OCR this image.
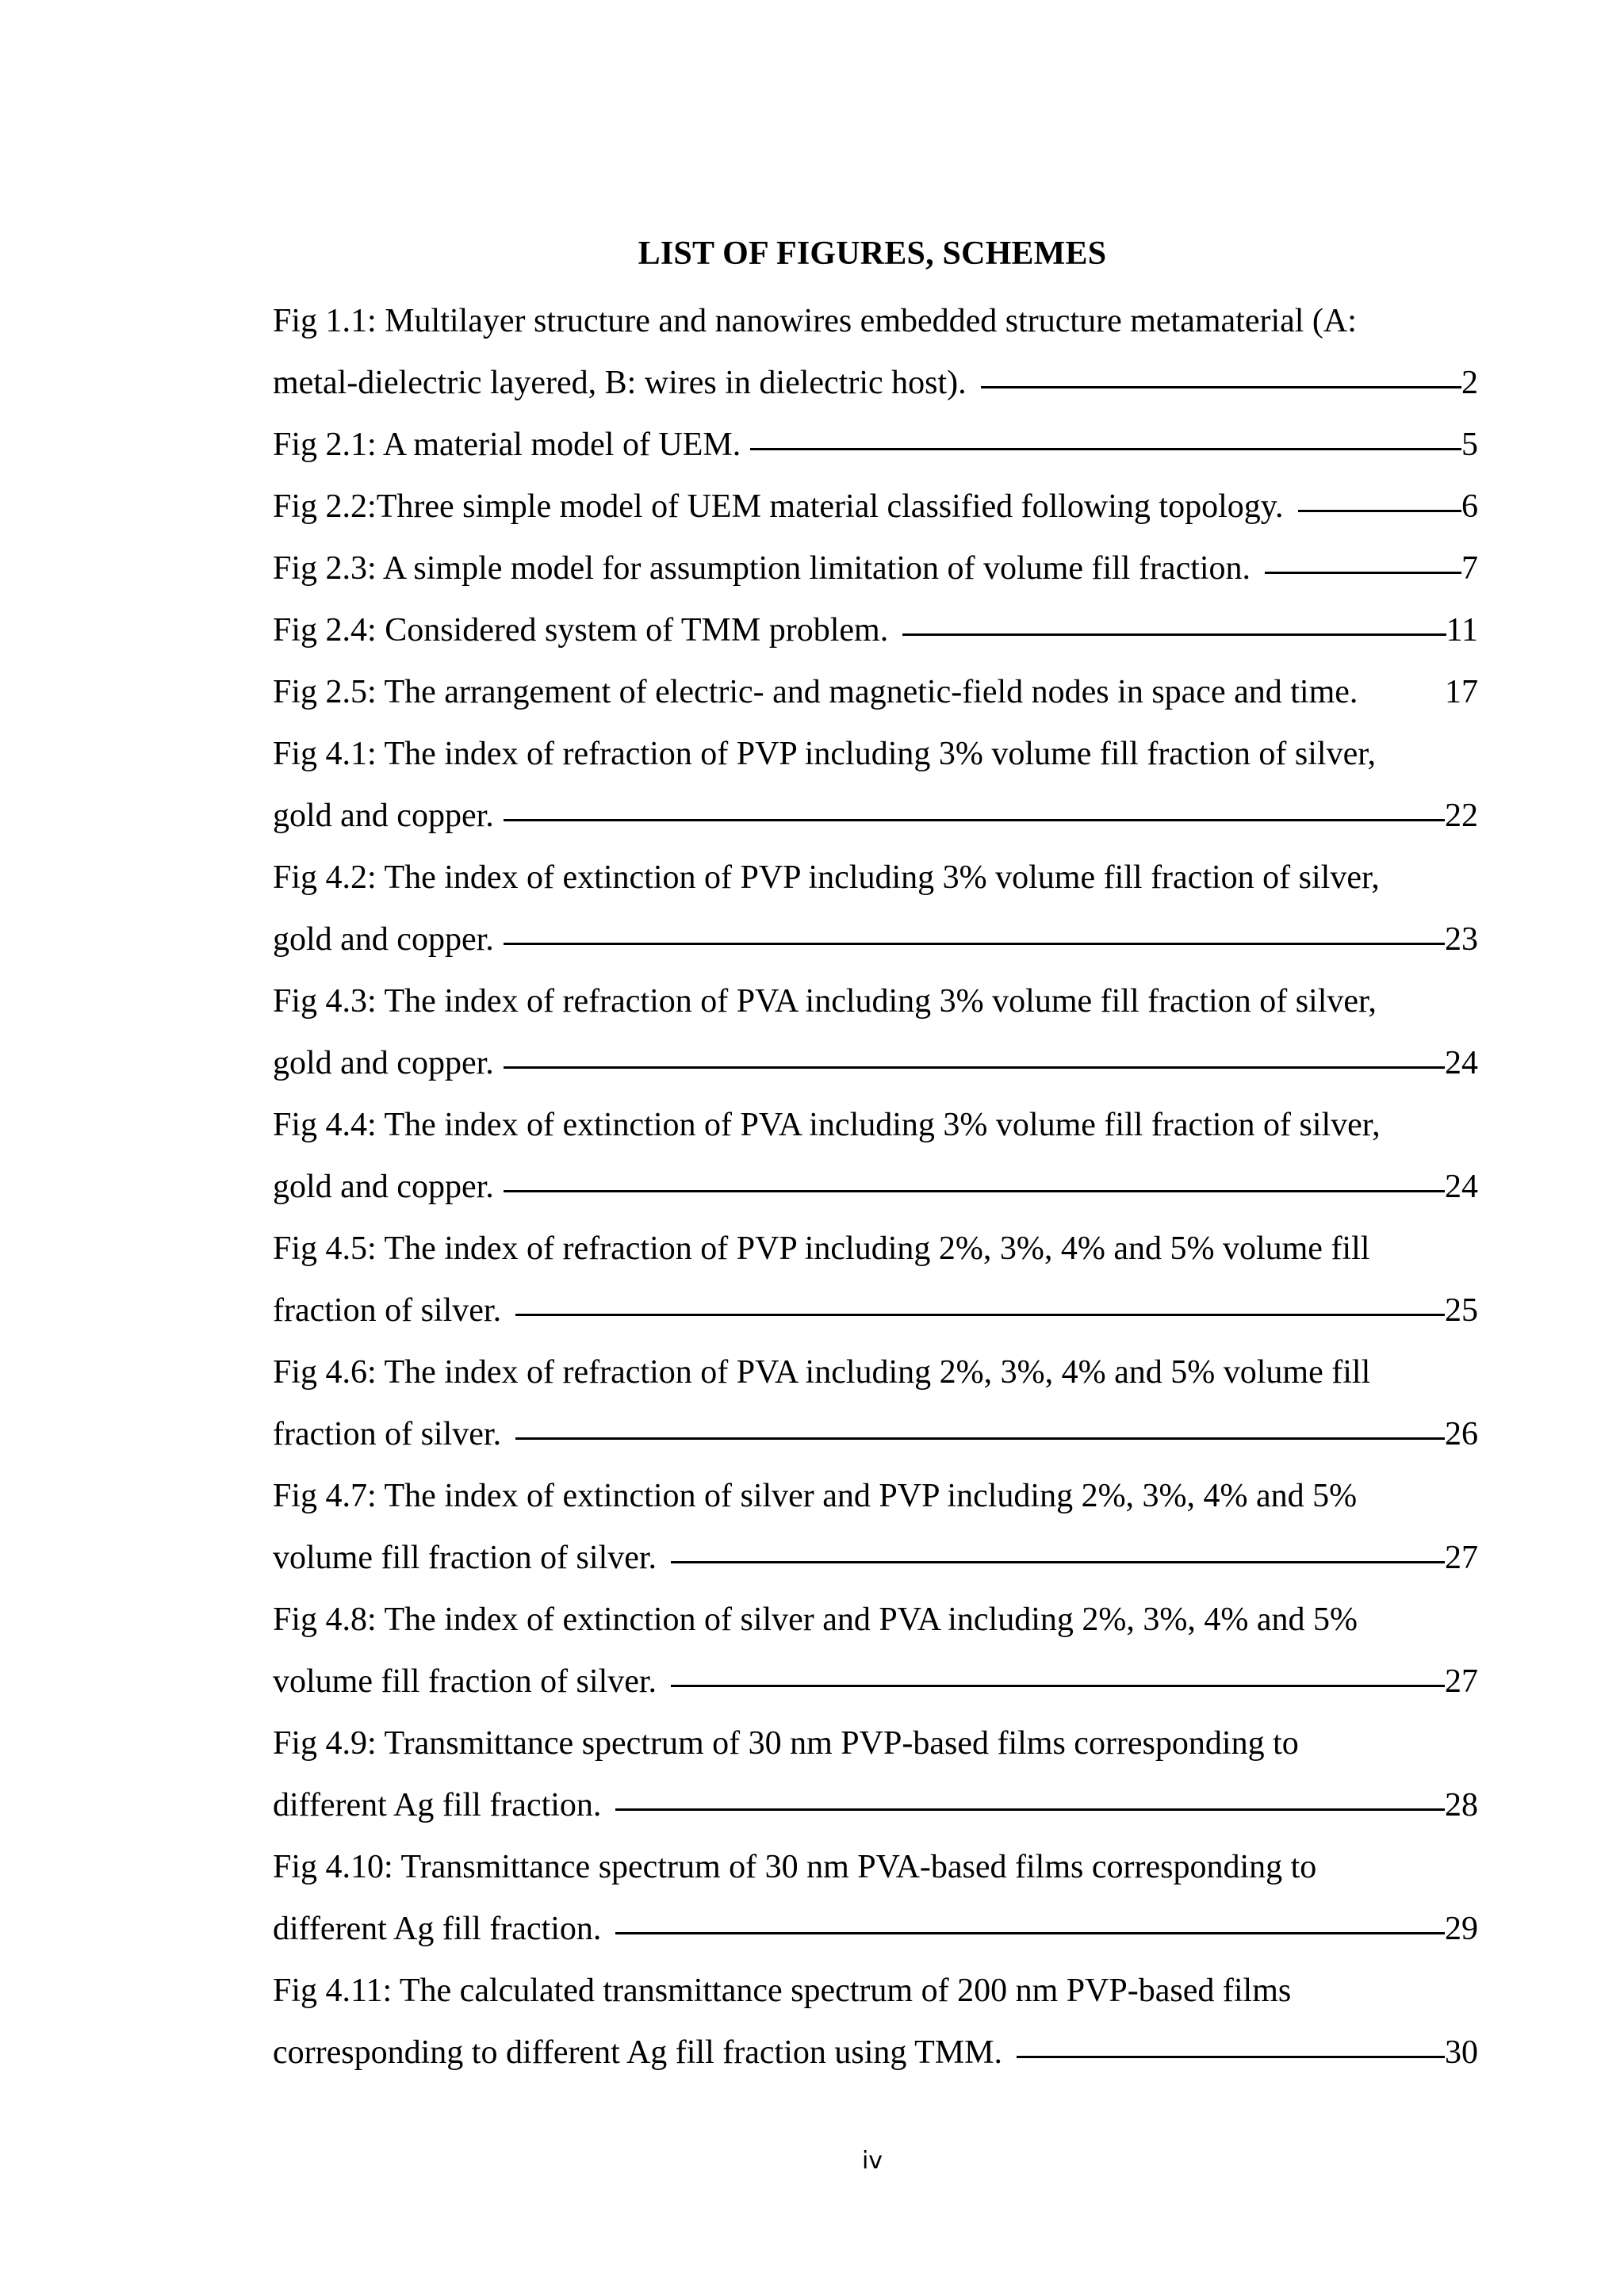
LIST OF FIGURES, SCHEMES
Fig 1.1: Multilayer structure and nanowires embedded structure metamaterial (A:
metal-dielectric layered, B: wires in dielectric host).	2
Fig 2.1: A material model of UEM.	5
Fig 2.2:Three simple model of UEM material classified following topology.	6
Fig 2.3: A simple model for assumption limitation of volume fill fraction.	7
Fig 2.4: Considered system of TMM problem.	11
Fig 2.5: The arrangement of electric- and magnetic-field nodes in space and time.	17
Fig 4.1: The index of refraction of PVP including 3% volume fill fraction of silver,
gold and copper.	22
Fig 4.2: The index of extinction of PVP including 3% volume fill fraction of silver,
gold and copper.	23
Fig 4.3: The index of refraction of PVA including 3% volume fill fraction of silver,
gold and copper.	24
Fig 4.4: The index of extinction of PVA including 3% volume fill fraction of silver,
gold and copper.	24
Fig 4.5: The index of refraction of PVP including 2%, 3%, 4% and 5% volume fill
fraction of silver.	25
Fig 4.6: The index of refraction of PVA including 2%, 3%, 4% and 5% volume fill
fraction of silver.	26
Fig 4.7: The index of extinction of silver and PVP including 2%, 3%, 4% and 5%
volume fill fraction of silver.	27
Fig 4.8: The index of extinction of silver and PVA including 2%, 3%, 4% and 5%
volume fill fraction of silver.	27
Fig 4.9: Transmittance spectrum of 30 nm PVP-based films corresponding to
different Ag fill fraction.	28
Fig 4.10: Transmittance spectrum of 30 nm PVA-based films corresponding to
different Ag fill fraction.	29
Fig 4.11: The calculated transmittance spectrum of 200 nm PVP-based films
corresponding to different Ag fill fraction using TMM.	30
iv
